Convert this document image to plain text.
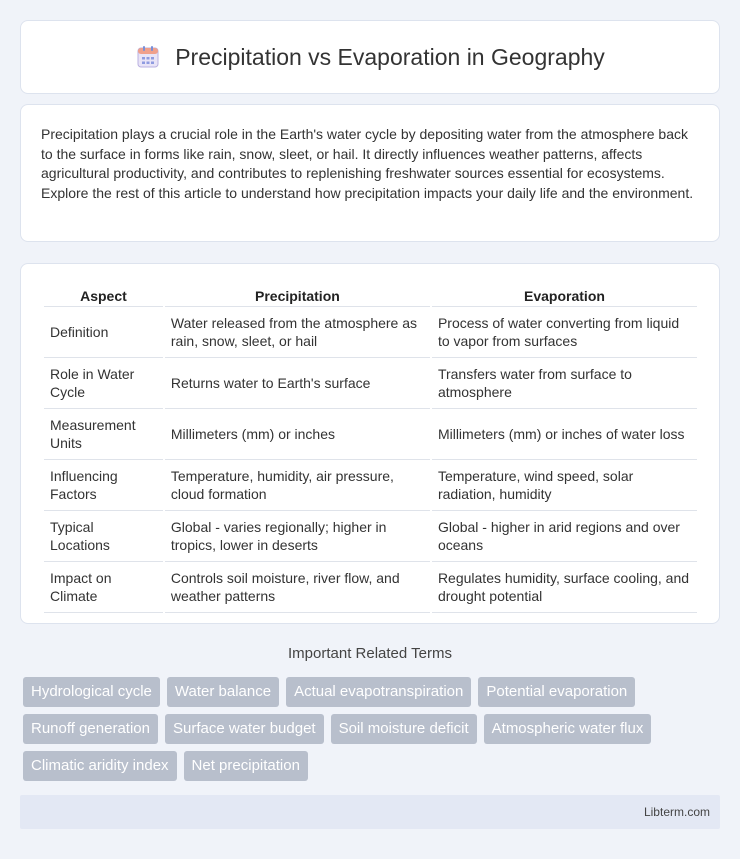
Precipitation vs Evaporation in Geography

Precipitation plays a crucial role in the Earth's water cycle by depositing water from the atmosphere back to the surface in forms like rain, snow, sleet, or hail. It directly influences weather patterns, affects agricultural productivity, and contributes to replenishing freshwater sources essential for ecosystems. Explore the rest of this article to understand how precipitation impacts your daily life and the environment.

Aspect	Precipitation	Evaporation
Definition	Water released from the atmosphere as rain, snow, sleet, or hail	Process of water converting from liquid to vapor from surfaces
Role in Water Cycle	Returns water to Earth's surface	Transfers water from surface to atmosphere
Measurement Units	Millimeters (mm) or inches	Millimeters (mm) or inches of water loss
Influencing Factors	Temperature, humidity, air pressure, cloud formation	Temperature, wind speed, solar radiation, humidity
Typical Locations	Global - varies regionally; higher in tropics, lower in deserts	Global - higher in arid regions and over oceans
Impact on Climate	Controls soil moisture, river flow, and weather patterns	Regulates humidity, surface cooling, and drought potential
Important Related Terms
Hydrological cycle	Water balance	Actual evapotranspiration	Potential evaporation
Runoff generation	Surface water budget	Soil moisture deficit	Atmospheric water flux
Climatic aridity index	Net precipitation
Libterm.com
